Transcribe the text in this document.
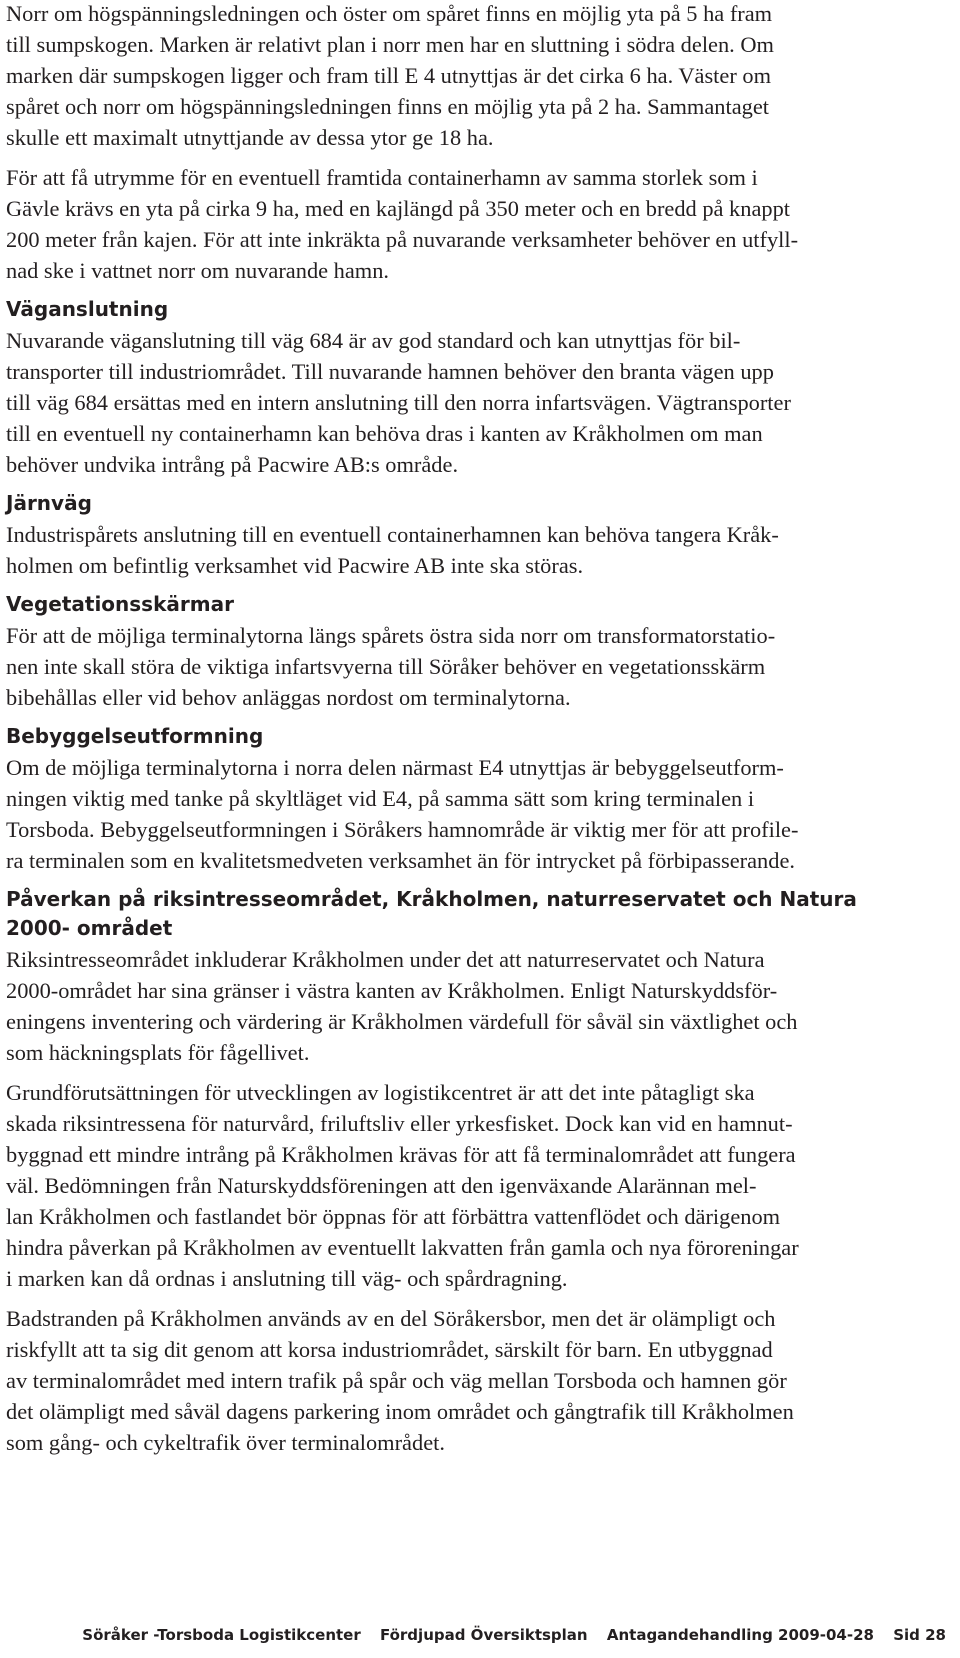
Norr om högspänningsledningen och öster om spåret finns en möjlig yta på 5 ha fram
till sumpskogen. Marken är relativt plan i norr men har en sluttning i södra delen. Om
marken där sumpskogen ligger och fram till E 4 utnyttjas är det cirka 6 ha. Väster om
spåret och norr om högspänningsledningen finns en möjlig yta på 2 ha. Sammantaget
skulle ett maximalt utnyttjande av dessa ytor ge 18 ha.

För att få utrymme för en eventuell framtida containerhamn av samma storlek som i
Gävle krävs en yta på cirka 9 ha, med en kajlängd på 350 meter och en bredd på knappt
200 meter från kajen. För att inte inkräkta på nuvarande verksamheter behöver en utfyll-
nad ske i vattnet norr om nuvarande hamn.

Väganslutning

Nuvarande väganslutning till väg 684 är av god standard och kan utnyttjas för bil-
transporter till industriområdet. Till nuvarande hamnen behöver den branta vägen upp
till väg 684 ersättas med en intern anslutning till den norra infartsvägen. Vägtransporter
till en eventuell ny containerhamn kan behöva dras i kanten av Kråkholmen om man
behöver undvika intrång på Pacwire AB:s område.

Järnväg

Industrispårets anslutning till en eventuell containerhamnen kan behöva tangera Kråk-
holmen om befintlig verksamhet vid Pacwire AB inte ska störas.

Vegetationsskärmar

För att de möjliga terminalytorna längs spårets östra sida norr om transformatorstatio-
nen inte skall störa de viktiga infartsvyerna till Söråker behöver en vegetationsskärm
bibehållas eller vid behov anläggas nordost om terminalytorna.

Bebyggelseutformning

Om de möjliga terminalytorna i norra delen närmast E4 utnyttjas är bebyggelseutform-
ningen viktig med tanke på skyltläget vid E4, på samma sätt som kring terminalen i
Torsboda. Bebyggelseutformningen i Söråkers hamnområde är viktig mer för att profile-
ra terminalen som en kvalitetsmedveten verksamhet än för intrycket på förbipasserande.

Påverkan på riksintresseområdet, Kråkholmen, naturreservatet och Natura
2000- området

Riksintresseområdet inkluderar Kråkholmen under det att naturreservatet och Natura
2000-området har sina gränser i västra kanten av Kråkholmen. Enligt Naturskyddsför-
eningens inventering och värdering är Kråkholmen värdefull för såväl sin växtlighet och
som häckningsplats för fågellivet.

Grundförutsättningen för utvecklingen av logistikcentret är att det inte påtagligt ska
skada riksintressena för naturvård, friluftsliv eller yrkesfisket. Dock kan vid en hamnut-
byggnad ett mindre intrång på Kråkholmen krävas för att få terminalområdet att fungera
väl. Bedömningen från Naturskyddsföreningen att den igenväxande Alarännan mel-
lan Kråkholmen och fastlandet bör öppnas för att förbättra vattenflödet och därigenom
hindra påverkan på Kråkholmen av eventuellt lakvatten från gamla och nya föroreningar
i marken kan då ordnas i anslutning till väg- och spårdragning.

Badstranden på Kråkholmen används av en del Söråkersbor, men det är olämpligt och
riskfyllt att ta sig dit genom att korsa industriområdet, särskilt för barn. En utbyggnad
av terminalområdet med intern trafik på spår och väg mellan Torsboda och hamnen gör
det olämpligt med såväl dagens parkering inom området och gångtrafik till Kråkholmen
som gång- och cykeltrafik över terminalområdet.

Söråker -Torsboda Logistikcenter Fördjupad Översiktsplan Antagandehandling 2009-04-28 Sid 28
